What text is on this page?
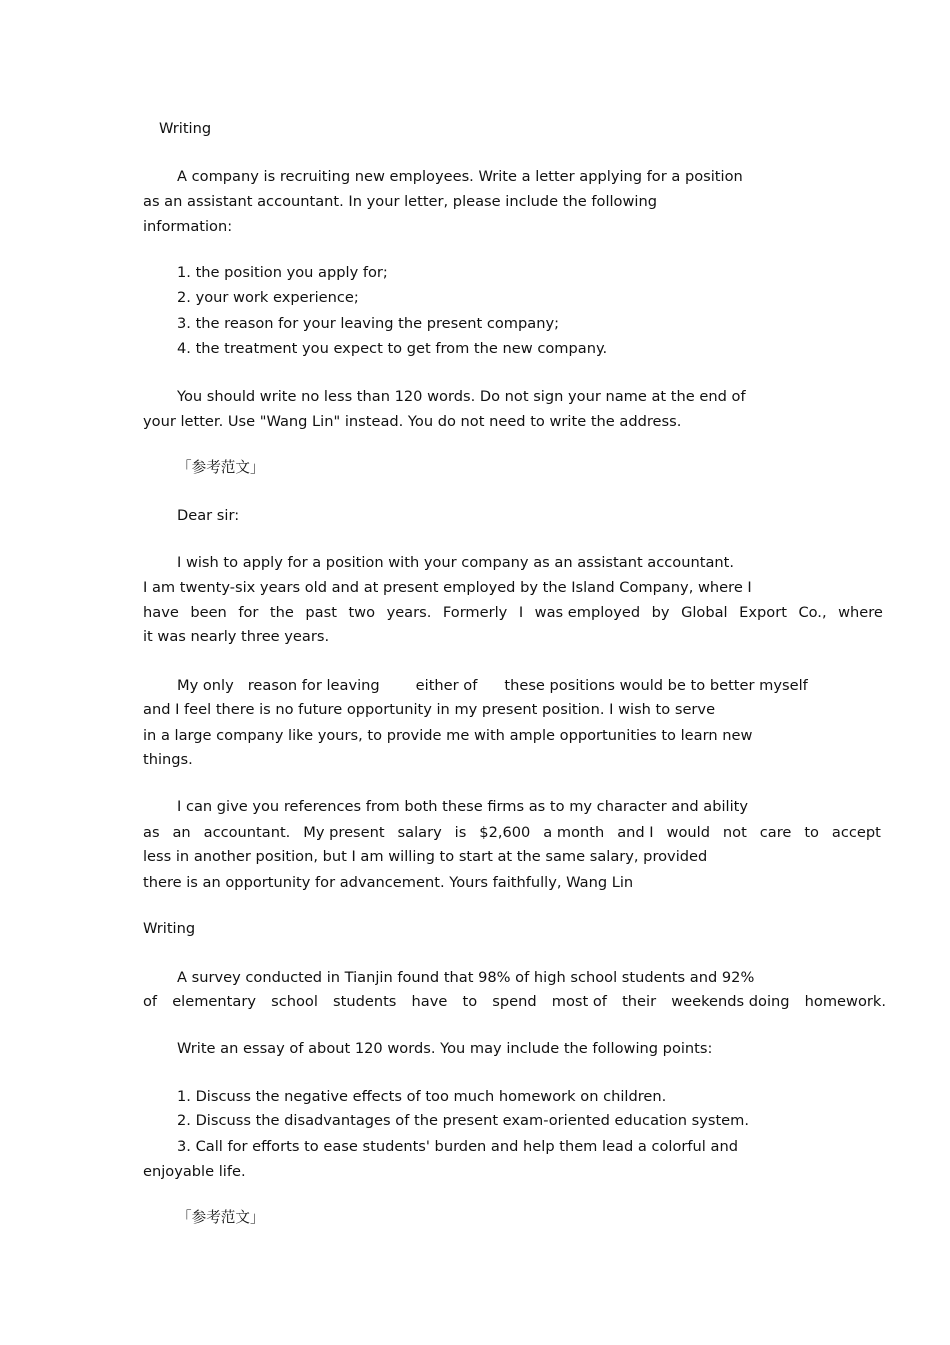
Writing
A company is recruiting new employees. Write a letter applying for a position
as an assistant accountant. In your letter, please include the following
information:
1. the position you apply for;
2. your work experience;
3. the reason for your leaving the present company;
4. the treatment you expect to get from the new company.
You should write no less than 120 words. Do not sign your name at the end of
your letter. Use "Wang Lin" instead. You do not need to write the address.
「参考范文」
Dear sir:
I wish to apply for a position with your company as an assistant accountant.
I am twenty-six years old and at present employed by the Island Company, where I
have been for the past two years. Formerly I was employed by Global Export Co., where
it was nearly three years.
My only reason for leaving either of these positions would be to better myself
and I feel there is no future opportunity in my present position. I wish to serve
in a large company like yours, to provide me with ample opportunities to learn new
things.
I can give you references from both these firms as to my character and ability
as an accountant. My present salary is $2,600 a month and I would not care to accept
less in another position, but I am willing to start at the same salary, provided
there is an opportunity for advancement. Yours faithfully, Wang Lin
Writing
A survey conducted in Tianjin found that 98% of high school students and 92%
of elementary school students have to spend most of their weekends doing homework.
Write an essay of about 120 words. You may include the following points:
1. Discuss the negative effects of too much homework on children.
2. Discuss the disadvantages of the present exam-oriented education system.
3. Call for efforts to ease students' burden and help them lead a colorful and
enjoyable life.
「参考范文」
